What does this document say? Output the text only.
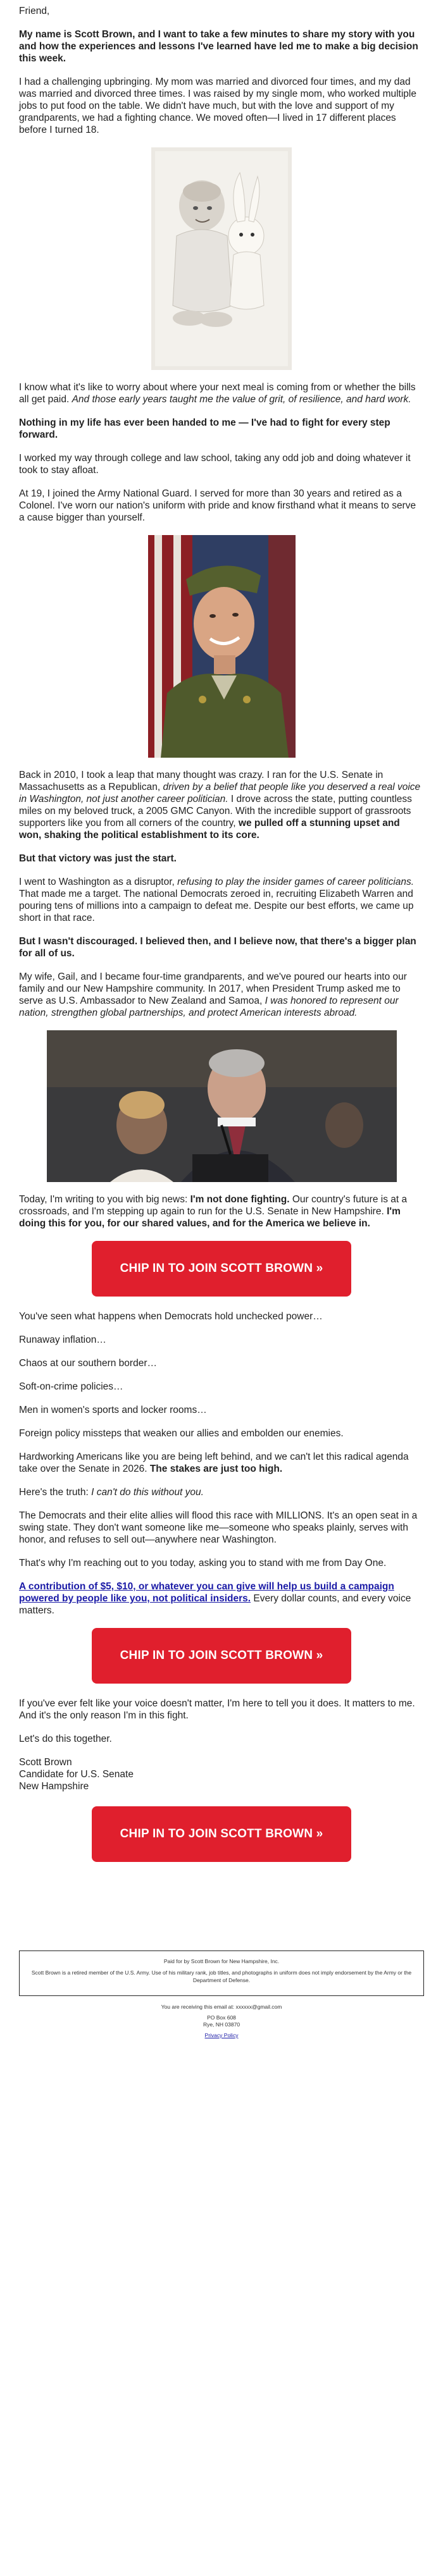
Friend,

My name is Scott Brown, and I want to take a few minutes to share my story with you and how the experiences and lessons I've learned have led me to make a big decision this week.

I had a challenging upbringing. My mom was married and divorced four times, and my dad was married and divorced three times. I was raised by my single mom, who worked multiple jobs to put food on the table. We didn't have much, but with the love and support of my grandparents, we had a fighting chance. We moved often—I lived in 17 different places before I turned 18.

I know what it's like to worry about where your next meal is coming from or whether the bills all get paid. And those early years taught me the value of grit, of resilience, and hard work.

Nothing in my life has ever been handed to me — I've had to fight for every step forward.

I worked my way through college and law school, taking any odd job and doing whatever it took to stay afloat.

At 19, I joined the Army National Guard. I served for more than 30 years and retired as a Colonel. I've worn our nation's uniform with pride and know firsthand what it means to serve a cause bigger than yourself.

Back in 2010, I took a leap that many thought was crazy. I ran for the U.S. Senate in Massachusetts as a Republican, driven by a belief that people like you deserved a real voice in Washington, not just another career politician. I drove across the state, putting countless miles on my beloved truck, a 2005 GMC Canyon. With the incredible support of grassroots supporters like you from all corners of the country, we pulled off a stunning upset and won, shaking the political establishment to its core.

But that victory was just the start.

I went to Washington as a disruptor, refusing to play the insider games of career politicians. That made me a target. The national Democrats zeroed in, recruiting Elizabeth Warren and pouring tens of millions into a campaign to defeat me. Despite our best efforts, we came up short in that race.

But I wasn't discouraged. I believed then, and I believe now, that there's a bigger plan for all of us.

My wife, Gail, and I became four-time grandparents, and we've poured our hearts into our family and our New Hampshire community. In 2017, when President Trump asked me to serve as U.S. Ambassador to New Zealand and Samoa, I was honored to represent our nation, strengthen global partnerships, and protect American interests abroad.

Today, I'm writing to you with big news: I'm not done fighting. Our country's future is at a crossroads, and I'm stepping up again to run for the U.S. Senate in New Hampshire. I'm doing this for you, for our shared values, and for the America we believe in.

CHIP IN TO JOIN SCOTT BROWN »

You've seen what happens when Democrats hold unchecked power…

Runaway inflation…

Chaos at our southern border…

Soft-on-crime policies…

Men in women's sports and locker rooms…

Foreign policy missteps that weaken our allies and embolden our enemies.

Hardworking Americans like you are being left behind, and we can't let this radical agenda take over the Senate in 2026. The stakes are just too high.

Here's the truth: I can't do this without you.

The Democrats and their elite allies will flood this race with MILLIONS. It's an open seat in a swing state. They don't want someone like me—someone who speaks plainly, serves with honor, and refuses to sell out—anywhere near Washington.

That's why I'm reaching out to you today, asking you to stand with me from Day One.

A contribution of $5, $10, or whatever you can give will help us build a campaign powered by people like you, not political insiders. Every dollar counts, and every voice matters.

CHIP IN TO JOIN SCOTT BROWN »

If you've ever felt like your voice doesn't matter, I'm here to tell you it does. It matters to me. And it's the only reason I'm in this fight.

Let's do this together.

Scott Brown
Candidate for U.S. Senate
New Hampshire

CHIP IN TO JOIN SCOTT BROWN »

Paid for by Scott Brown for New Hampshire, Inc.

Scott Brown is a retired member of the U.S. Army. Use of his military rank, job titles, and photographs in uniform does not imply endorsement by the Army or the Department of Defense.

You are receiving this email at: xxxxxx@gmail.com

PO Box 608

Rye, NH 03870

Privacy Policy
